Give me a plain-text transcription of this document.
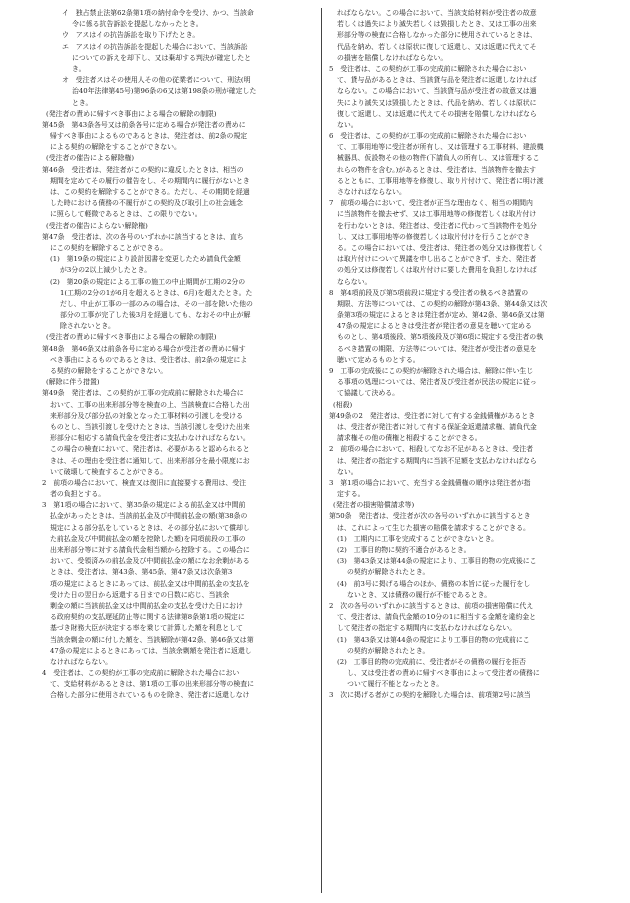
イ　独占禁止法第62条第1項の納付命令を受け、かつ、当該命
令に係る抗告訴訟を提起しなかったとき。
ウ　アスはイの抗告訴訟を取り下げたとき。
エ　アスはイの抗告訴訟を提起した場合において、当該訴訟
についての訴えを却下し、又は棄却する判決が確定したと
き。
オ　受注者スはその使用人その他の従業者について、刑法(明
治40年法律第45号)第96条の6又は第198条の刑が確定した
とき。
(発注者の責めに帰すべき事由による場合の解除の制限)
第45条　第43条各号又は前条各号に定める場合が発注者の責めに
帰すべき事由によるものであるときは、発注者は、前2条の規定
による契約の解除をすることができない。
(受注者の催告による解除権)
第46条　受注者は、発注者がこの契約に違反したときは、相当の
期間を定めてその履行の催告をし、その期間内に履行がないとき
は、この契約を解除することができる。ただし、その期間を経過
した時における債務の不履行がこの契約及び取引上の社会通念
に照らして軽微であるときは、この限りでない。
(受注者の催告によらない解除権)
第47条　受注者は、次の各号のいずれかに該当するときは、直ち
にこの契約を解除することができる。
(1)　第19条の規定により設計図書を変更したため請負代金額
が3分の2以上減少したとき。
(2)　第20条の規定による工事の施工の中止期間が工期の2分の
1(工期の2分の1が6月を超えるときは、6月)を超えたとき。た
だし、中止が工事の一部のみの場合は、その一部を除いた他の
部分の工事が完了した後3月を経過しても、なおその中止が解
除されないとき。
(受注者の責めに帰すべき事由による場合の解除の制限)
第48条　第46条又は前条各号に定める場合が受注者の責めに帰す
べき事由によるものであるときは、受注者は、前2条の規定によ
る契約の解除をすることができない。
(解除に伴う措置)
第49条　発注者は、この契約が工事の完成前に解除された場合に
おいて、工事の出来形部分等を検査の上、当該検査に合格した出
来形部分及び部分払の対象となった工事材料の引渡しを受ける
ものとし、当該引渡しを受けたときは、当該引渡しを受けた出来
形部分に相応する請負代金を受注者に支払わなければならない。
この場合の検査において、発注者は、必要があると認められると
きは、その理由を受注者に通知して、出来形部分を最小限度にお
いて破壊して検査することができる。
2　前項の場合において、検査又は復旧に直接要する費用は、受注
者の負担とする。
3　第1項の場合において、第35条の規定による前払金又は中間前
払金があったときは、当該前払金及び中間前払金の額(第38条の
規定による部分払をしているときは、その部分払において償却し
た前払金及び中間前払金の額を控除した額)を同項前段の工事の
出来形部分等に対する請負代金相当額から控除する。この場合に
おいて、受領済みの前払金及び中間前払金の額になお余剰がある
ときは、受注者は、第43条、第45条、第47条又は次条第3
項の規定によるときにあっては、前払金又は中間前払金の支払を
受けた日の翌日から返還する日までの日数に応じ、当該余
剰金の額に当該前払金又は中間前払金の支払を受けた日におけ
る政府契約の支払遅延防止等に関する法律第8条第1項の規定に
基づき財務大臣が決定する率を乗じて計算した額を利息として
当該余剰金の額に付した額を、当該解除が第42条、第46条又は第
47条の規定によるときにあっては、当該余剰額を発注者に返還し
なければならない。
4　受注者は、この契約が工事の完成前に解除された場合におい
て、支給材料があるときは、第1項の工事の出来形部分等の検査に
合格した部分に使用されているものを除き、発注者に返還しなけ
ればならない。この場合において、当該支給材料が受注者の故意
若しくは過失により滅失若しくは毀損したとき、又は工事の出来
形部分等の検査に合格しなかった部分に使用されているときは、
代品を納め、若しくは原状に復して返還し、又は返還に代えてそ
の損害を賠償しなければならない。
5　受注者は、この契約が工事の完成前に解除された場合におい
て、貸与品があるときは、当該貸与品を発注者に返還しなければ
ならない。この場合において、当該貸与品が受注者の故意又は過
失により滅失又は毀損したときは、代品を納め、若しくは原状に
復して返還し、又は返還に代えてその損害を賠償しなければなら
ない。
6　受注者は、この契約が工事の完成前に解除された場合におい
て、工事用地等に受注者が所有し、又は管理する工事材料、建設機
械器具、仮設物その他の物件(下請負人の所有し、又は管理するこ
れらの物件を含む。)があるときは、受注者は、当該物件を撤去す
るとともに、工事用地等を修復し、取り片付けて、発注者に明け渡
さなければならない。
7　前項の場合において、受注者が正当な理由なく、相当の期間内
に当該物件を撤去せず、又は工事用地等の修復若しくは取片付け
を行わないときは、発注者は、受注者に代わって当該物件を処分
し、又は工事用地等の修復若しくは取片付けを行うことができ
る。この場合においては、受注者は、発注者の処分又は修復若しく
は取片付けについて異議を申し出ることができず、また、発注者
の処分又は修復若しくは取片付けに要した費用を負担しなければ
ならない。
8　第4項前段及び第5項前段に規定する受注者の執るべき措置の
期限、方法等については、この契約の解除が第43条、第44条又は次
条第3項の規定によるときは発注者が定め、第42条、第46条又は第
47条の規定によるときは受注者が発注者の意見を聴いて定める
ものとし、第4項後段、第5項後段及び第6項に規定する受注者の執
るべき措置の期限、方法等については、発注者が受注者の意見を
聴いて定めるものとする。
9　工事の完成後にこの契約が解除された場合は、解除に伴い生じ
る事項の処理については、発注者及び受注者が民法の規定に従っ
て協議して決める。
(相殺)
第49条の2　発注者は、受注者に対して有する金銭債権があるとき
は、受注者が発注者に対して有する保証金返還請求権、請負代金
請求権その他の債権と相殺することができる。
2　前項の場合において、相殺してなお不足があるときは、受注者
は、発注者の指定する期間内に当該不足額を支払わなければなら
ない。
3　第1項の場合において、充当する金銭債権の順序は発注者が指
定する。
(発注者の損害賠償請求等)
第50条　発注者は、受注者が次の各号のいずれかに該当するとき
は、これによって生じた損害の賠償を請求することができる。
(1)　工期内に工事を完成することができないとき。
(2)　工事目的物に契約不適合があるとき。
(3)　第43条又は第44条の規定により、工事目的物の完成後にこ
の契約が解除されたとき。
(4)　前3号に掲げる場合のほか、債務の本旨に従った履行をし
ないとき、又は債務の履行が不能であるとき。
2　次の各号のいずれかに該当するときは、前項の損害賠償に代え
て、受注者は、請負代金額の10分の1に相当する金額を違約金と
して発注者の指定する期間内に支払わなければならない。
(1)　第43条又は第44条の規定により工事目的物の完成前にこ
の契約が解除されたとき。
(2)　工事目的物の完成前に、受注者がその債務の履行を拒否
し、又は受注者の責めに帰すべき事由によって受注者の債務に
ついて履行不能となったとき。
3　次に掲げる者がこの契約を解除した場合は、前項第2号に該当
